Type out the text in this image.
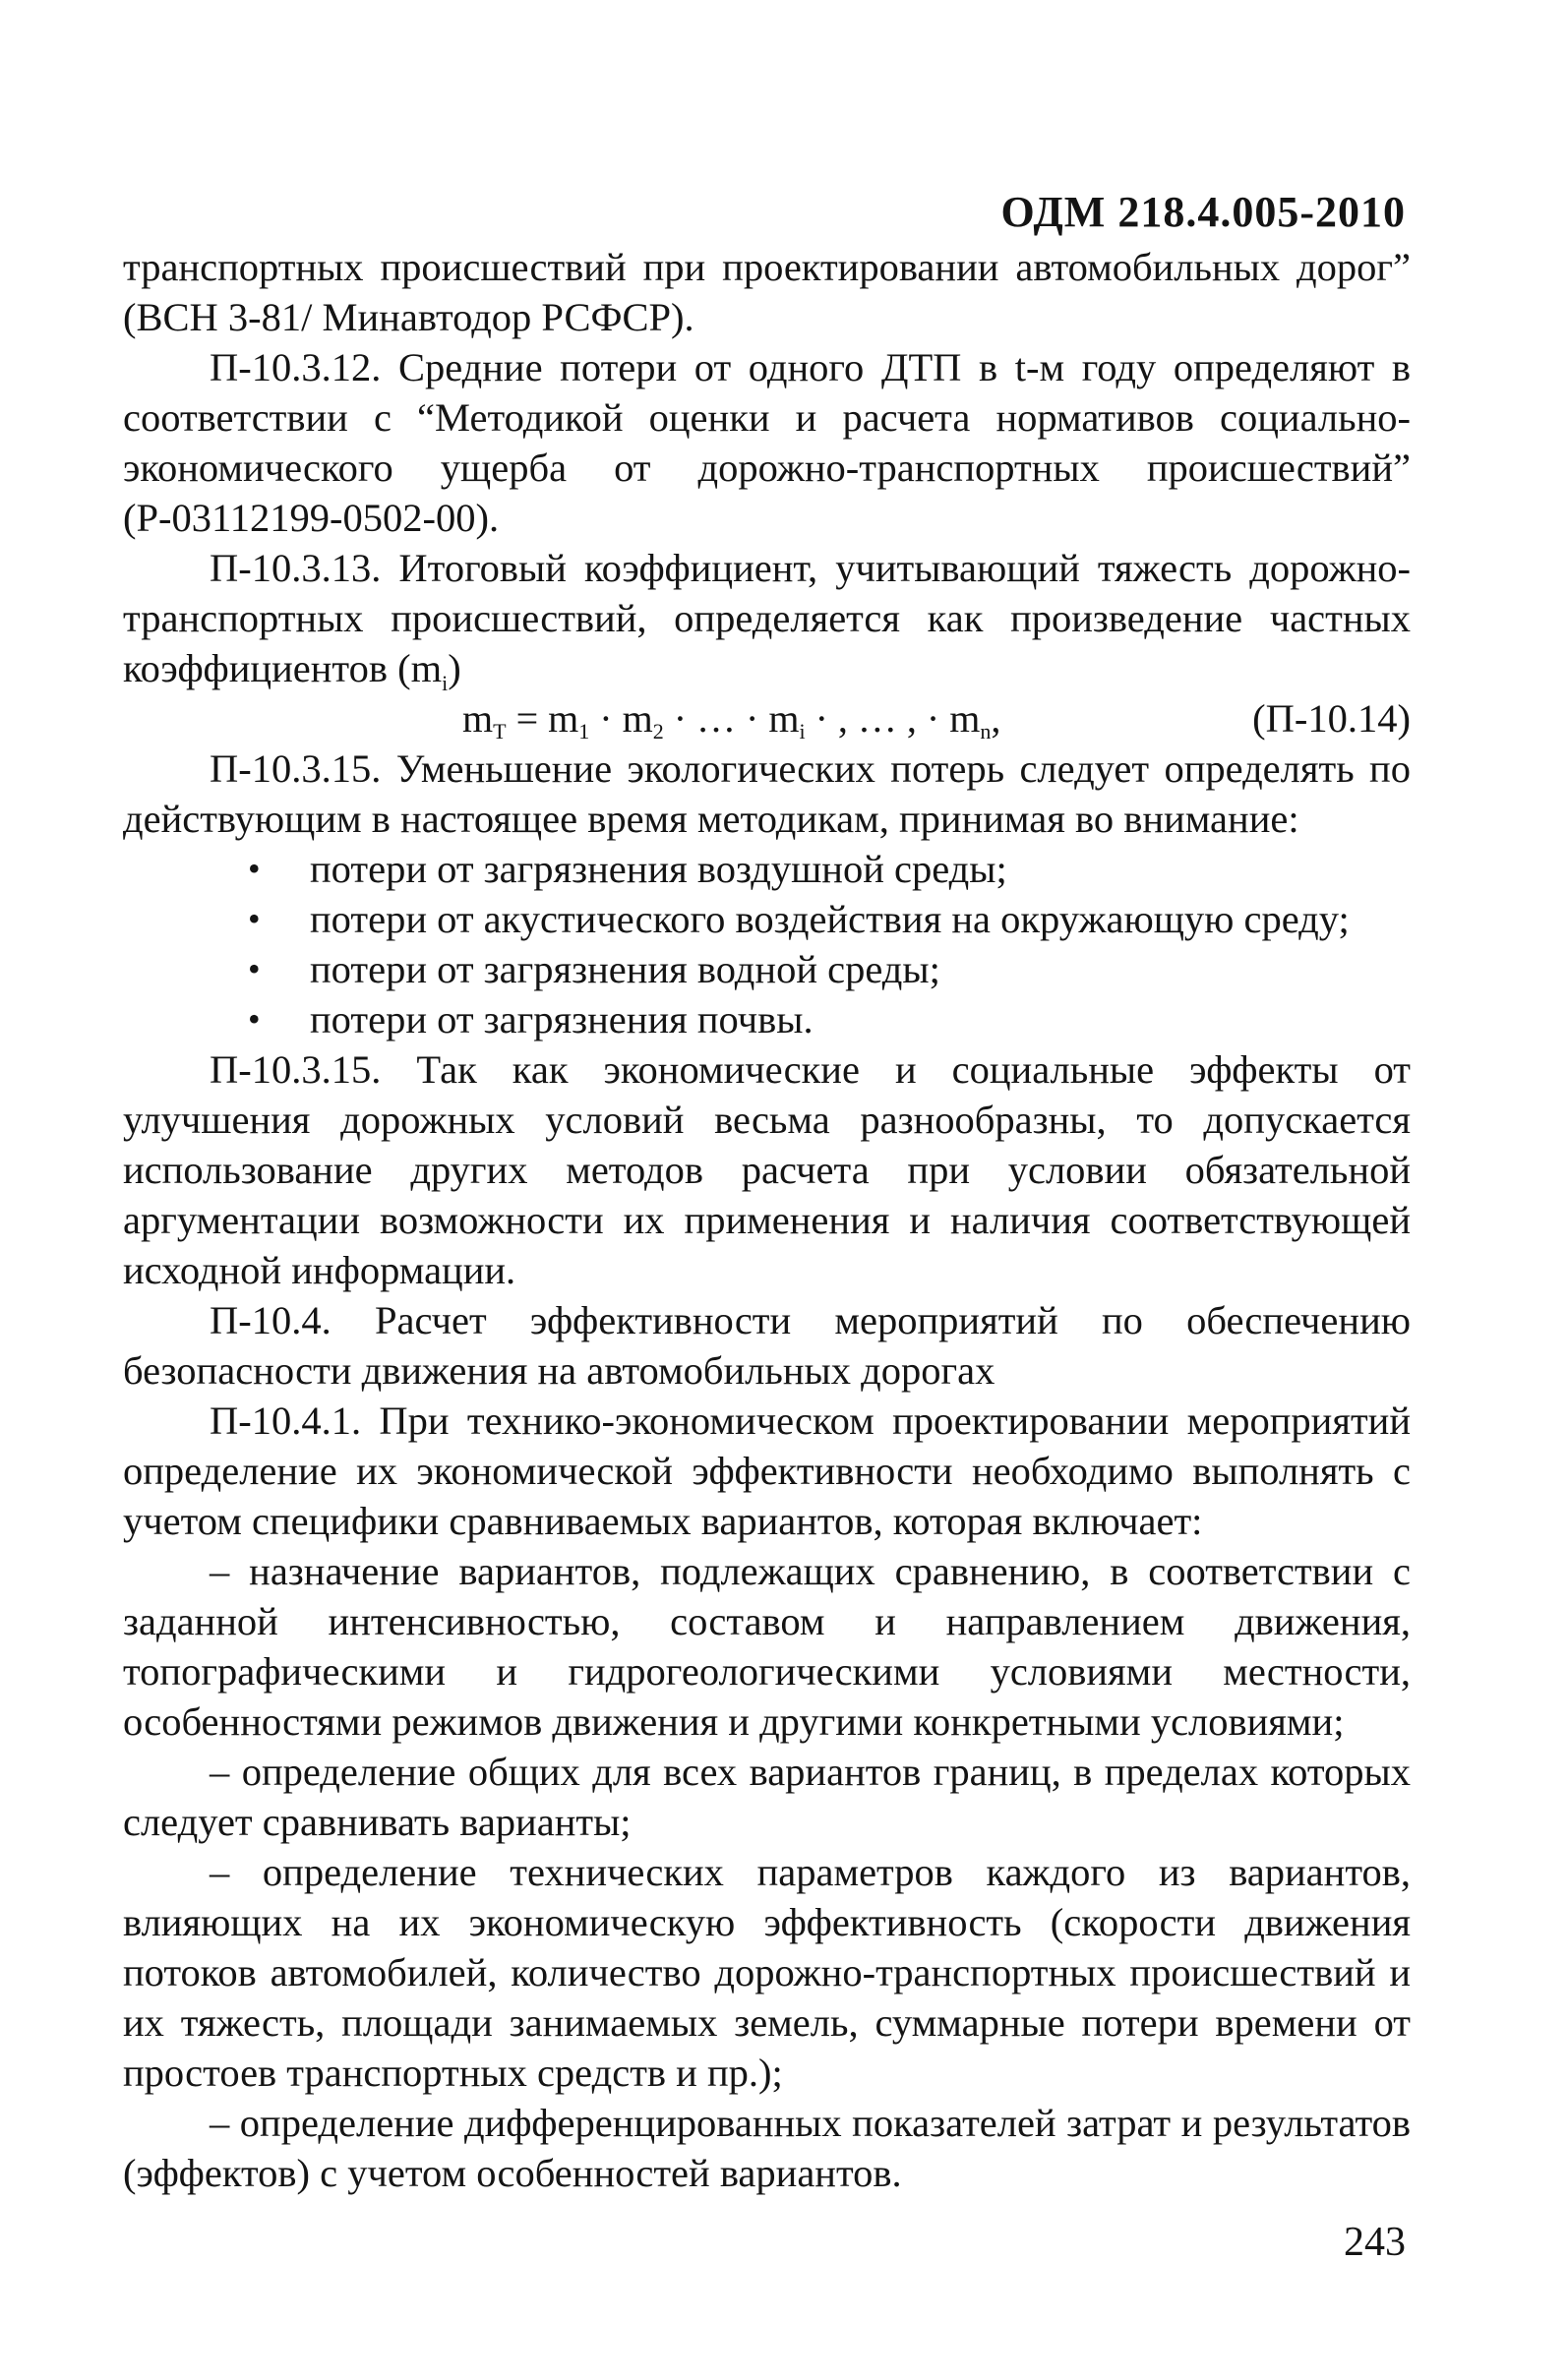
ОДМ 218.4.005-2010

транспортных происшествий при проектировании автомобильных дорог” (ВСН 3-81/ Минавтодор РСФСР).

П-10.3.12. Средние потери от одного ДТП в t-м году определяют в соответствии с “Методикой оценки и расчета нормативов социально-экономического ущерба от дорожно-транспортных происшествий” (Р-03112199-0502-00).

П-10.3.13. Итоговый коэффициент, учитывающий тяжесть дорожно-транспортных происшествий, определяется как произведение частных коэффициентов $(m_i)$

$m_T = m_1 \cdot m_2$ · … · $m_i$ · , … , · $m_n$,	(П-10.14)

П-10.3.15. Уменьшение экологических потерь следует определять по действующим в настоящее время методикам, принимая во внимание:

• потери от загрязнения воздушной среды;
• потери от акустического воздействия на окружающую среду;
• потери от загрязнения водной среды;
• потери от загрязнения почвы.

П-10.3.15. Так как экономические и социальные эффекты от улучшения дорожных условий весьма разнообразны, то допускается использование других методов расчета при условии обязательной аргументации возможности их применения и наличия соответствующей исходной информации.

П-10.4. Расчет эффективности мероприятий по обеспечению безопасности движения на автомобильных дорогах

П-10.4.1. При технико-экономическом проектировании мероприятий определение их экономической эффективности необходимо выполнять с учетом специфики сравниваемых вариантов, которая включает:

– назначение вариантов, подлежащих сравнению, в соответствии с заданной интенсивностью, составом и направлением движения, топографическими и гидрогеологическими условиями местности, особенностями режимов движения и другими конкретными условиями;

– определение общих для всех вариантов границ, в пределах которых следует сравнивать варианты;

– определение технических параметров каждого из вариантов, влияющих на их экономическую эффективность (скорости движения потоков автомобилей, количество дорожно-транспортных происшествий и их тяжесть, площади занимаемых земель, суммарные потери времени от простоев транспортных средств и пр.);

– определение дифференцированных показателей затрат и результатов (эффектов) с учетом особенностей вариантов.

243
